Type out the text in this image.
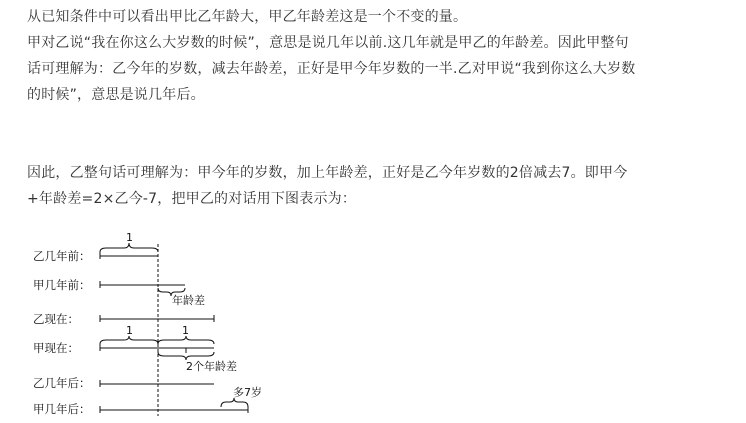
从已知条件中可以看出甲比乙年龄大，甲乙年龄差这是一个不变的量。
甲对乙说“我在你这么大岁数的时候”，意思是说几年以前.这几年就是甲乙的年龄差。因此甲整句
话可理解为：乙今年的岁数，减去年龄差，正好是甲今年岁数的一半.乙对甲说“我到你这么大岁数
的时候”，意思是说几年后。
因此，乙整句话可理解为：甲今年的岁数，加上年龄差，正好是乙今年岁数的2倍减去7。即甲今
+年龄差=2×乙今-7，把甲乙的对话用下图表示为：
乙几年前：
甲几年前：
乙现在：
甲现在：
乙几年后：
甲几年后：
1
年龄差
1	1
2个年龄差
多7岁
